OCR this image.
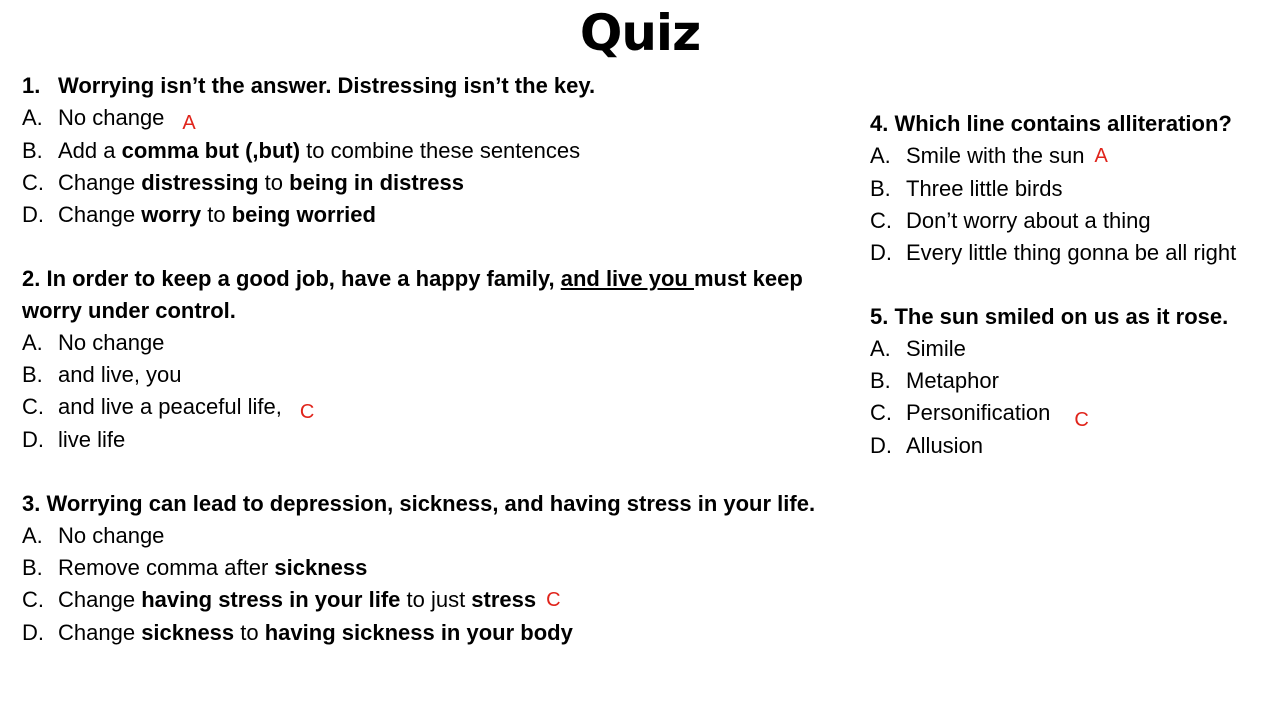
Quiz
1. Worrying isn’t the answer. Distressing isn’t the key.
A. No change A
B. Add a comma but (,but) to combine these sentences
C. Change distressing to being in distress
D. Change worry to being worried
2. In order to keep a good job, have a happy family, and live you must keep
worry under control.
A. No change
B. and live, you
C. and live a peaceful life, C
D. live life
3. Worrying can lead to depression, sickness, and having stress in your life.
A. No change
B. Remove comma after sickness
C. Change having stress in your life to just stress C
D. Change sickness to having sickness in your body
4. Which line contains alliteration?
A. Smile with the sun A
B. Three little birds
C. Don’t worry about a thing
D. Every little thing gonna be all right
5. The sun smiled on us as it rose.
A. Simile
B. Metaphor
C. Personification C
D. Allusion
